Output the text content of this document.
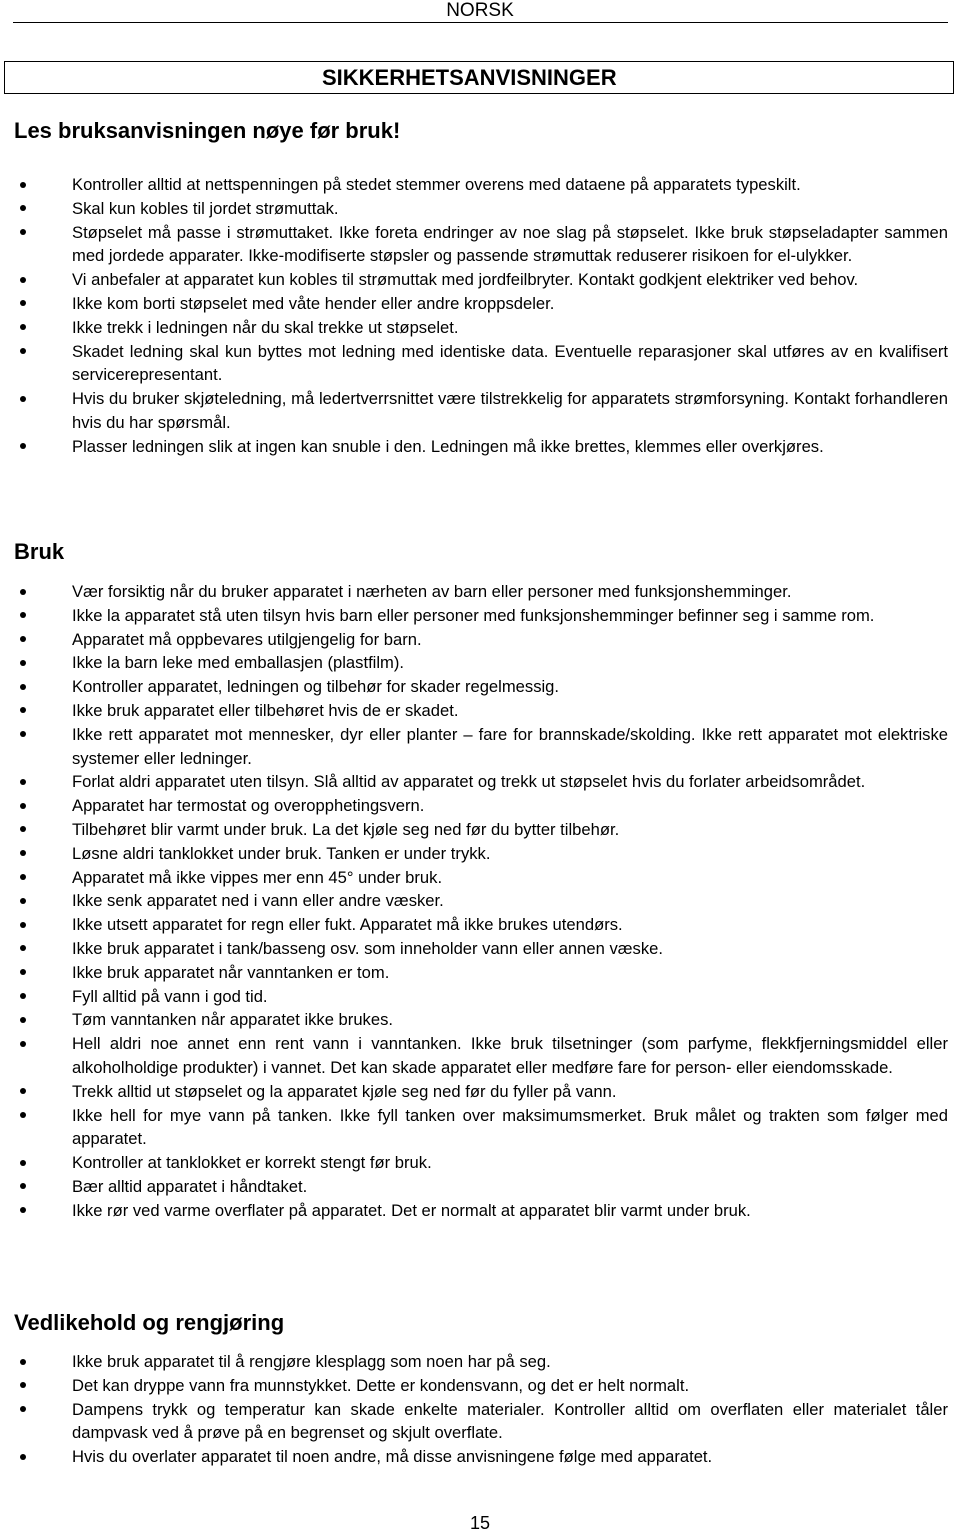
NORSK
SIKKERHETSANVISNINGER
Les bruksanvisningen nøye før bruk!
Kontroller alltid at nettspenningen på stedet stemmer overens med dataene på apparatets typeskilt.
Skal kun kobles til jordet strømuttak.
Støpselet må passe i strømuttaket. Ikke foreta endringer av noe slag på støpselet. Ikke bruk støpseladapter sammen med jordede apparater. Ikke-modifiserte støpsler og passende strømuttak reduserer risikoen for el-ulykker.
Vi anbefaler at apparatet kun kobles til strømuttak med jordfeilbryter. Kontakt godkjent elektriker ved behov.
Ikke kom borti støpselet med våte hender eller andre kroppsdeler.
Ikke trekk i ledningen når du skal trekke ut støpselet.
Skadet ledning skal kun byttes mot ledning med identiske data. Eventuelle reparasjoner skal utføres av en kvalifisert servicerepresentant.
Hvis du bruker skjøteledning, må ledertverrsnittet være tilstrekkelig for apparatets strømforsyning. Kontakt forhandleren hvis du har spørsmål.
Plasser ledningen slik at ingen kan snuble i den. Ledningen må ikke brettes, klemmes eller overkjøres.
Bruk
Vær forsiktig når du bruker apparatet i nærheten av barn eller personer med funksjonshemminger.
Ikke la apparatet stå uten tilsyn hvis barn eller personer med funksjonshemminger befinner seg i samme rom.
Apparatet må oppbevares utilgjengelig for barn.
Ikke la barn leke med emballasjen (plastfilm).
Kontroller apparatet, ledningen og tilbehør for skader regelmessig.
Ikke bruk apparatet eller tilbehøret hvis de er skadet.
Ikke rett apparatet mot mennesker, dyr eller planter – fare for brannskade/skolding. Ikke rett apparatet mot elektriske systemer eller ledninger.
Forlat aldri apparatet uten tilsyn. Slå alltid av apparatet og trekk ut støpselet hvis du forlater arbeidsområdet.
Apparatet har termostat og overopphetingsvern.
Tilbehøret blir varmt under bruk. La det kjøle seg ned før du bytter tilbehør.
Løsne aldri tanklokket under bruk. Tanken er under trykk.
Apparatet må ikke vippes mer enn 45° under bruk.
Ikke senk apparatet ned i vann eller andre væsker.
Ikke utsett apparatet for regn eller fukt. Apparatet må ikke brukes utendørs.
Ikke bruk apparatet i tank/basseng osv. som inneholder vann eller annen væske.
Ikke bruk apparatet når vanntanken er tom.
Fyll alltid på vann i god tid.
Tøm vanntanken når apparatet ikke brukes.
Hell aldri noe annet enn rent vann i vanntanken. Ikke bruk tilsetninger (som parfyme, flekkfjerningsmiddel eller alkoholholdige produkter) i vannet. Det kan skade apparatet eller medføre fare for person- eller eiendomsskade.
Trekk alltid ut støpselet og la apparatet kjøle seg ned før du fyller på vann.
Ikke hell for mye vann på tanken. Ikke fyll tanken over maksimumsmerket. Bruk målet og trakten som følger med apparatet.
Kontroller at tanklokket er korrekt stengt før bruk.
Bær alltid apparatet i håndtaket.
Ikke rør ved varme overflater på apparatet. Det er normalt at apparatet blir varmt under bruk.
Vedlikehold og rengjøring
Ikke bruk apparatet til å rengjøre klesplagg som noen har på seg.
Det kan dryppe vann fra munnstykket. Dette er kondensvann, og det er helt normalt.
Dampens trykk og temperatur kan skade enkelte materialer. Kontroller alltid om overflaten eller materialet tåler dampvask ved å prøve på en begrenset og skjult overflate.
Hvis du overlater apparatet til noen andre, må disse anvisningene følge med apparatet.
15
